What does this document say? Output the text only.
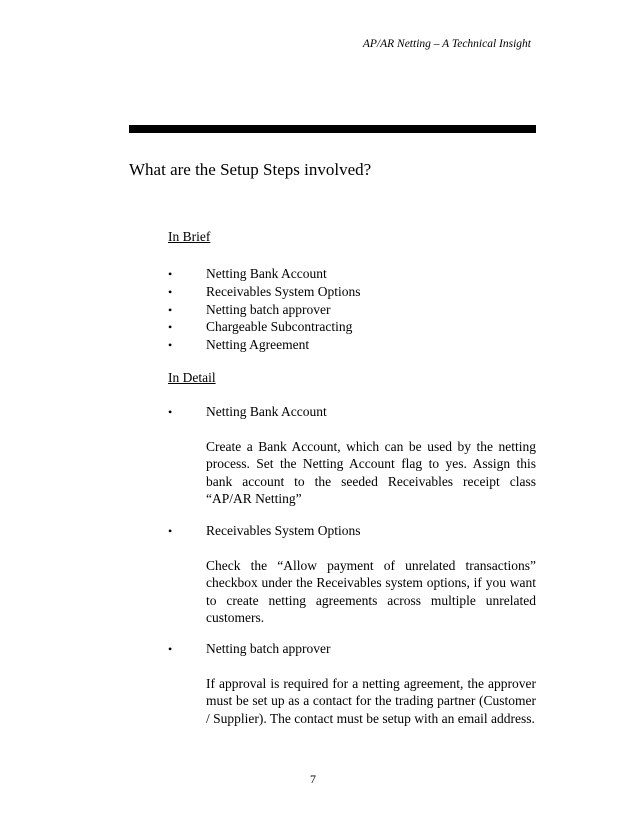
AP/AR Netting – A Technical Insight
What are the Setup Steps involved?
In Brief
•	Netting Bank Account
•	Receivables System Options
•	Netting batch approver
•	Chargeable Subcontracting
•	Netting Agreement
In Detail
•	Netting Bank Account
Create a Bank Account, which can be used by the netting process. Set the Netting Account flag to yes. Assign this bank account to the seeded Receivables receipt class “AP/AR Netting”
•	Receivables System Options
Check the “Allow payment of unrelated transactions” checkbox under the Receivables system options, if you want to create netting agreements across multiple unrelated customers.
•	Netting batch approver
If approval is required for a netting agreement, the approver must be set up as a contact for the trading partner (Customer / Supplier). The contact must be setup with an email address.
7
